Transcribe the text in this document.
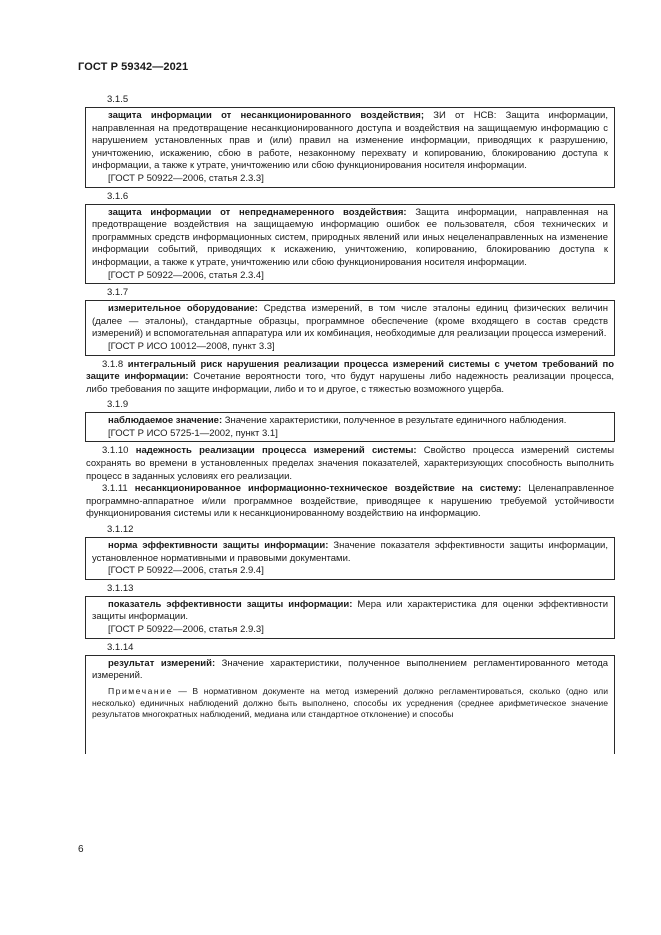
ГОСТ Р 59342—2021
3.1.5

защита информации от несанкционированного воздействия; ЗИ от НСВ: Защита информации, направленная на предотвращение несанкционированного доступа и воздействия на защищаемую информацию с нарушением установленных прав и (или) правил на изменение информации, приводящих к разрушению, уничтожению, искажению, сбою в работе, незаконному перехвату и копированию, блокированию доступа к информации, а также к утрате, уничтожению или сбою функционирования носителя информации.

[ГОСТ Р 50922—2006, статья 2.3.3]

3.1.6

защита информации от непреднамеренного воздействия: Защита информации, направленная на предотвращение воздействия на защищаемую информацию ошибок ее пользователя, сбоя технических и программных средств информационных систем, природных явлений или иных нецеленаправленных на изменение информации событий, приводящих к искажению, уничтожению, копированию, блокированию доступа к информации, а также к утрате, уничтожению или сбою функционирования носителя информации.

[ГОСТ Р 50922—2006, статья 2.3.4]

3.1.7

измерительное оборудование: Средства измерений, в том числе эталоны единиц физических величин (далее — эталоны), стандартные образцы, программное обеспечение (кроме входящего в состав средств измерений) и вспомогательная аппаратура или их комбинация, необходимые для реализации процесса измерений.

[ГОСТ Р ИСО 10012—2008, пункт 3.3]

3.1.8 интегральный риск нарушения реализации процесса измерений системы с учетом требований по защите информации: Сочетание вероятности того, что будут нарушены либо надежность реализации процесса, либо требования по защите информации, либо и то и другое, с тяжестью возможного ущерба.

3.1.9

наблюдаемое значение: Значение характеристики, полученное в результате единичного наблюдения.

[ГОСТ Р ИСО 5725-1—2002, пункт 3.1]

3.1.10 надежность реализации процесса измерений системы: Свойство процесса измерений системы сохранять во времени в установленных пределах значения показателей, характеризующих способность выполнить процесс в заданных условиях его реализации.

3.1.11 несанкционированное информационно-техническое воздействие на систему: Целенаправленное программно-аппаратное и/или программное воздействие, приводящее к нарушению требуемой устойчивости функционирования системы или к несанкционированному воздействию на информацию.

3.1.12

норма эффективности защиты информации: Значение показателя эффективности защиты информации, установленное нормативными и правовыми документами.

[ГОСТ Р 50922—2006, статья 2.9.4]

3.1.13

показатель эффективности защиты информации: Мера или характеристика для оценки эффективности защиты информации.

[ГОСТ Р 50922—2006, статья 2.9.3]

3.1.14

результат измерений: Значение характеристики, полученное выполнением регламентированного метода измерений.

Примечание — В нормативном документе на метод измерений должно регламентироваться, сколько (одно или несколько) единичных наблюдений должно быть выполнено, способы их усреднения (среднее арифметическое значение результатов многократных наблюдений, медиана или стандартное отклонение) и способы

6
